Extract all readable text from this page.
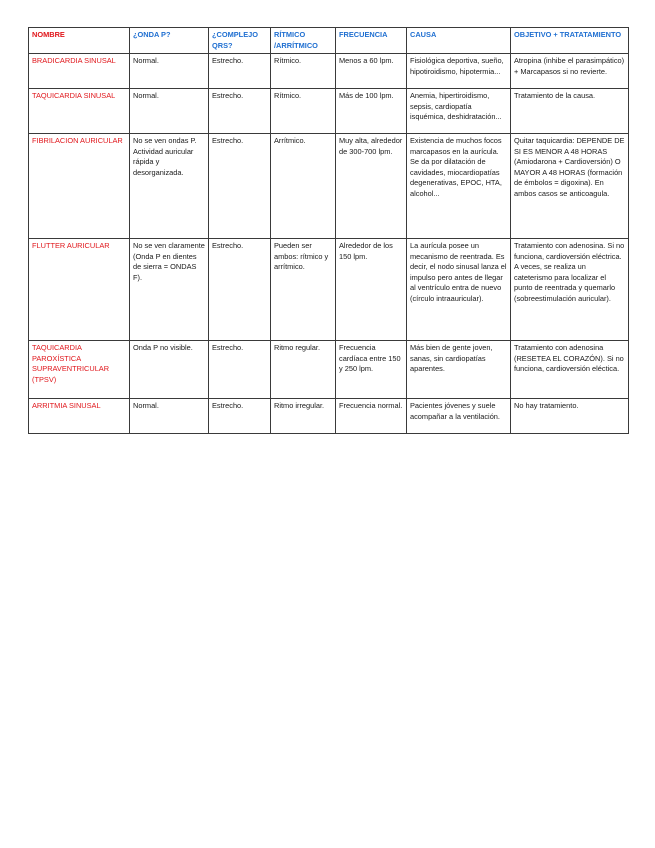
NOMBRE	¿ONDA P?	¿COMPLEJO QRS?	RÍTMICO /ARRÍTMICO	FRECUENCIA	CAUSA	OBJETIVO + TRATATAMIENTO
BRADICARDIA SINUSAL	Normal.	Estrecho.	Rítmico.	Menos a 60 lpm.	Fisiológica deportiva, sueño, hipotiroidismo, hipotermia...	Atropina (inhibe el parasimpático) + Marcapasos si no revierte.
TAQUICARDIA SINUSAL	Normal.	Estrecho.	Rítmico.	Más de 100 lpm.	Anemia, hipertiroidismo, sepsis, cardiopatía isquémica, deshidratación...	Tratamiento de la causa.
FIBRILACION AURICULAR	No se ven ondas P. Actividad auricular rápida y desorganizada.	Estrecho.	Arrítmico.	Muy alta, alrededor de 300-700 lpm.	Existencia de muchos focos marcapasos en la aurícula. Se da por dilatación de cavidades, miocardiopatías degenerativas, EPOC, HTA, alcohol...	Quitar taquicardia: DEPENDE DE SI ES MENOR A 48 HORAS (Amiodarona + Cardioversión) O MAYOR A 48 HORAS (formación de émbolos = digoxina). En ambos casos se anticoagula.
FLUTTER AURICULAR	No se ven claramente (Onda P en dientes de sierra = ONDAS F).	Estrecho.	Pueden ser ambos: rítmico y arrítmico.	Alrededor de los 150 lpm.	La aurícula posee un mecanismo de reentrada. Es decir, el nodo sinusal lanza el impulso pero antes de llegar al ventrículo entra de nuevo (círculo intraauricular).	Tratamiento con adenosina. Si no funciona, cardioversión eléctrica. A veces, se realiza un cateterismo para localizar el punto de reentrada y quemarlo (sobreestimulación auricular).
TAQUICARDIA PAROXÍSTICA SUPRAVENTRICULAR (TPSV)	Onda P no visible.	Estrecho.	Ritmo regular.	Frecuencia cardíaca entre 150 y 250 lpm.	Más bien de gente joven, sanas, sin cardiopatías aparentes.	Tratamiento con adenosina (RESETEA EL CORAZÓN). Si no funciona, cardioversión eléctica.
ARRITMIA SINUSAL	Normal.	Estrecho.	Ritmo irregular.	Frecuencia normal.	Pacientes jóvenes y suele acompañar a la ventilación.	No hay tratamiento.
